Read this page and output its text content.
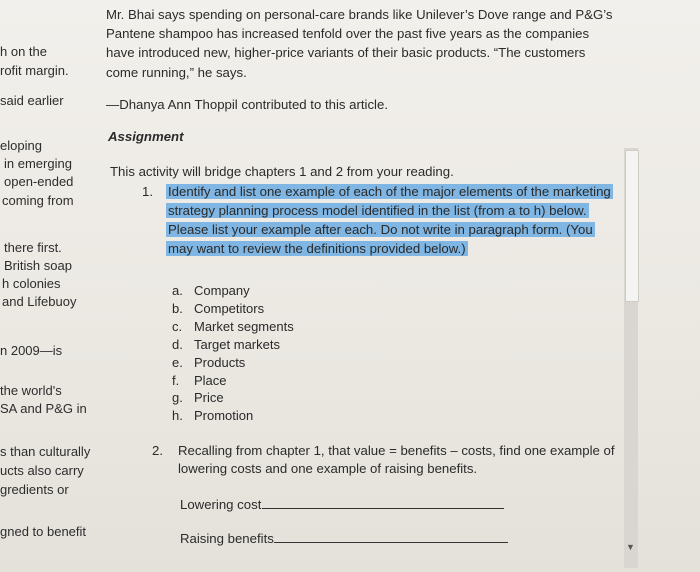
h on the
rofit margin.
said earlier
eloping
in emerging
open-ended
coming from
there first.
British soap
h colonies
and Lifebuoy
n 2009—is
the world's
SA and P&G in
s than culturally
ucts also carry
gredients or
gned to benefit
Mr. Bhai says spending on personal-care brands like Unilever’s Dove range and P&G’s
Pantene shampoo has increased tenfold over the past five years as the companies
have introduced new, higher-price variants of their basic products. “The customers
come running,” he says.
—Dhanya Ann Thoppil contributed to this article.
Assignment
This activity will bridge chapters 1 and 2 from your reading.
1. Identify and list one example of each of the major elements of the marketing
strategy planning process model identified in the list (from a to h) below.
Please list your example after each. Do not write in paragraph form. (You
may want to review the definitions provided below.)
a. Company
b. Competitors
c. Market segments
d. Target markets
e. Products
f. Place
g. Price
h. Promotion
2. Recalling from chapter 1, that value = benefits – costs, find one example of
lowering costs and one example of raising benefits.
Lowering cost
Raising benefits
▼
